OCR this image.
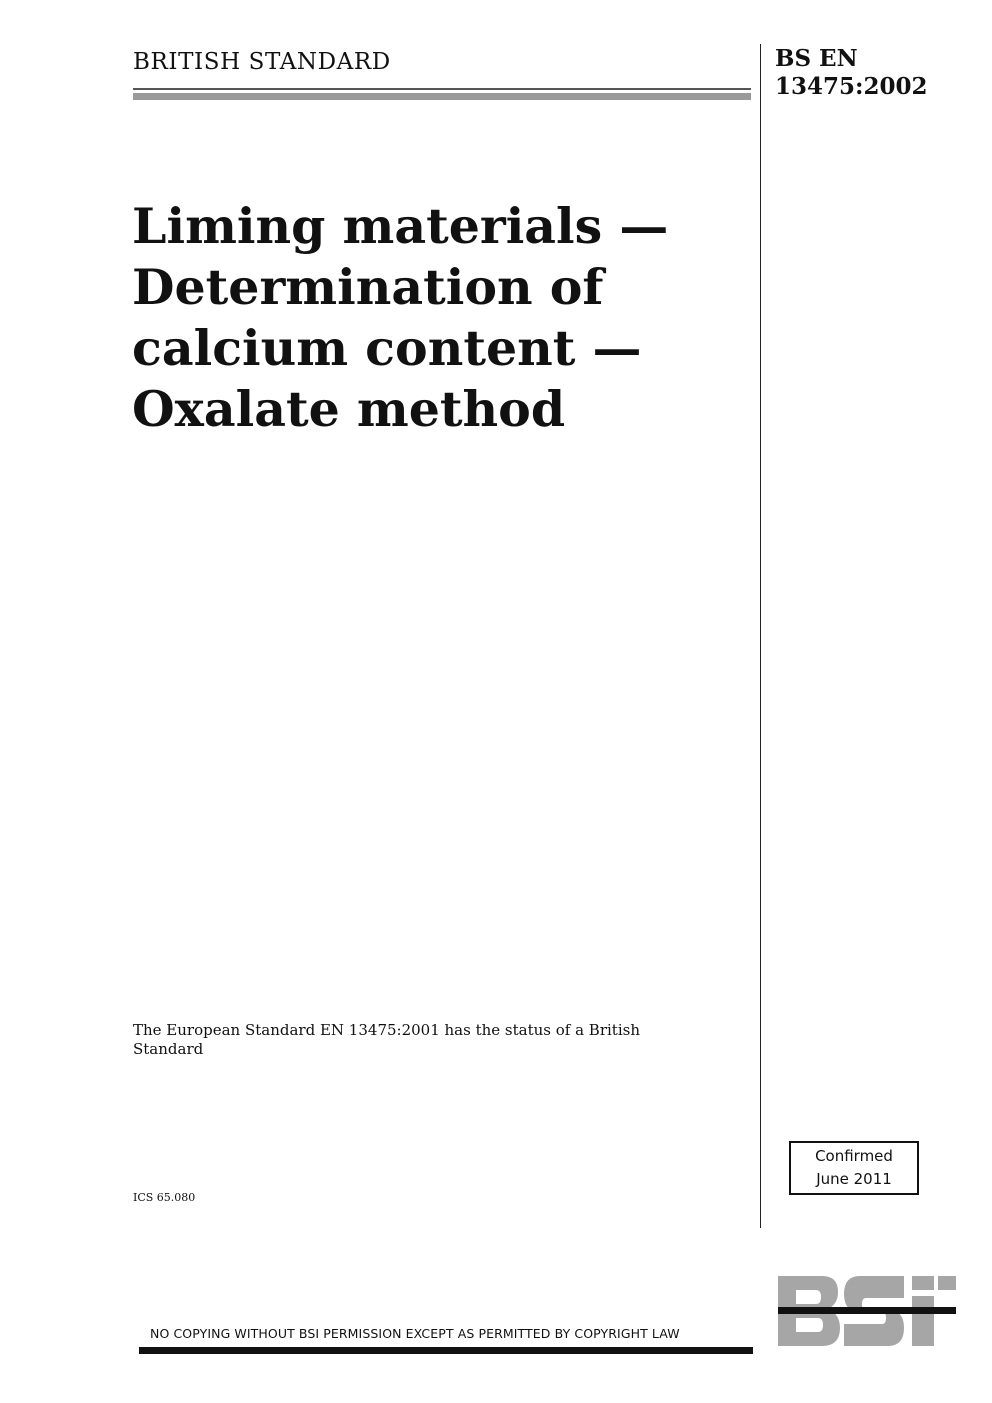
BRITISH STANDARD	BS EN
13475:2002
Liming materials —
Determination of
calcium content —
Oxalate method
The European Standard EN 13475:2001 has the status of a British Standard
ICS 65.080
Confirmed
June 2011
NO COPYING WITHOUT BSI PERMISSION EXCEPT AS PERMITTED BY COPYRIGHT LAW
